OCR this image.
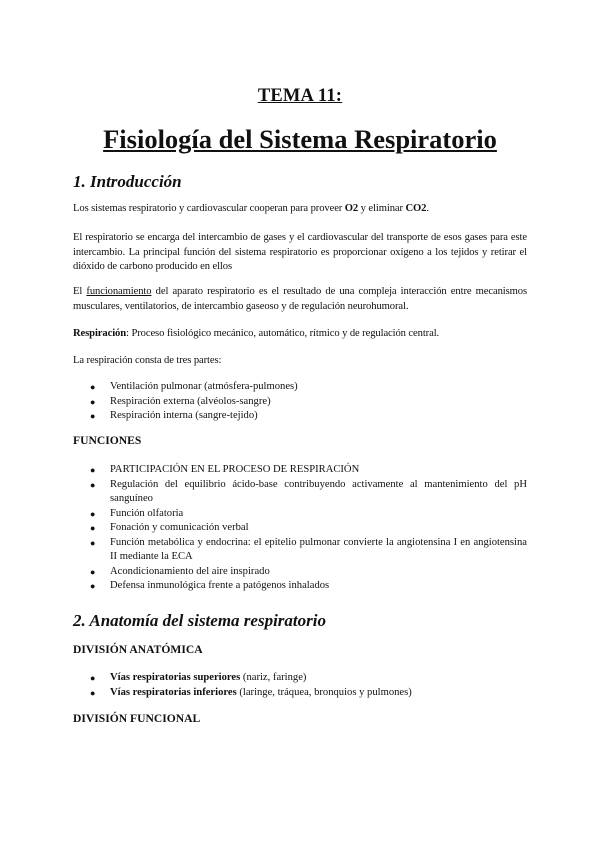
TEMA 11:
Fisiología del Sistema Respiratorio
1. Introducción

Los sistemas respiratorio y cardiovascular cooperan para proveer O2 y eliminar CO2.

El respiratorio se encarga del intercambio de gases y el cardiovascular del transporte de esos gases para este intercambio. La principal función del sistema respiratorio es proporcionar oxígeno a los tejidos y retirar el dióxido de carbono producido en ellos

El funcionamiento del aparato respiratorio es el resultado de una compleja interacción entre mecanismos musculares, ventilatorios, de intercambio gaseoso y de regulación neurohumoral.

Respiración: Proceso fisiológico mecánico, automático, rítmico y de regulación central.

La respiración consta de tres partes:

● Ventilación pulmonar (atmósfera-pulmones)
● Respiración externa (alvéolos-sangre)
● Respiración interna (sangre-tejido)
FUNCIONES
● PARTICIPACIÓN EN EL PROCESO DE RESPIRACIÓN
● Regulación del equilibrio ácido-base contribuyendo activamente al mantenimiento del pH sanguíneo
● Función olfatoria
● Fonación y comunicación verbal
● Función metabólica y endocrina: el epitelio pulmonar convierte la angiotensina I en angiotensina II mediante la ECA
● Acondicionamiento del aire inspirado
● Defensa inmunológica frente a patógenos inhalados
2. Anatomía del sistema respiratorio
DIVISIÓN ANATÓMICA
● Vías respiratorias superiores (nariz, faringe)
● Vías respiratorias inferiores (laringe, tráquea, bronquios y pulmones)
DIVISIÓN FUNCIONAL
